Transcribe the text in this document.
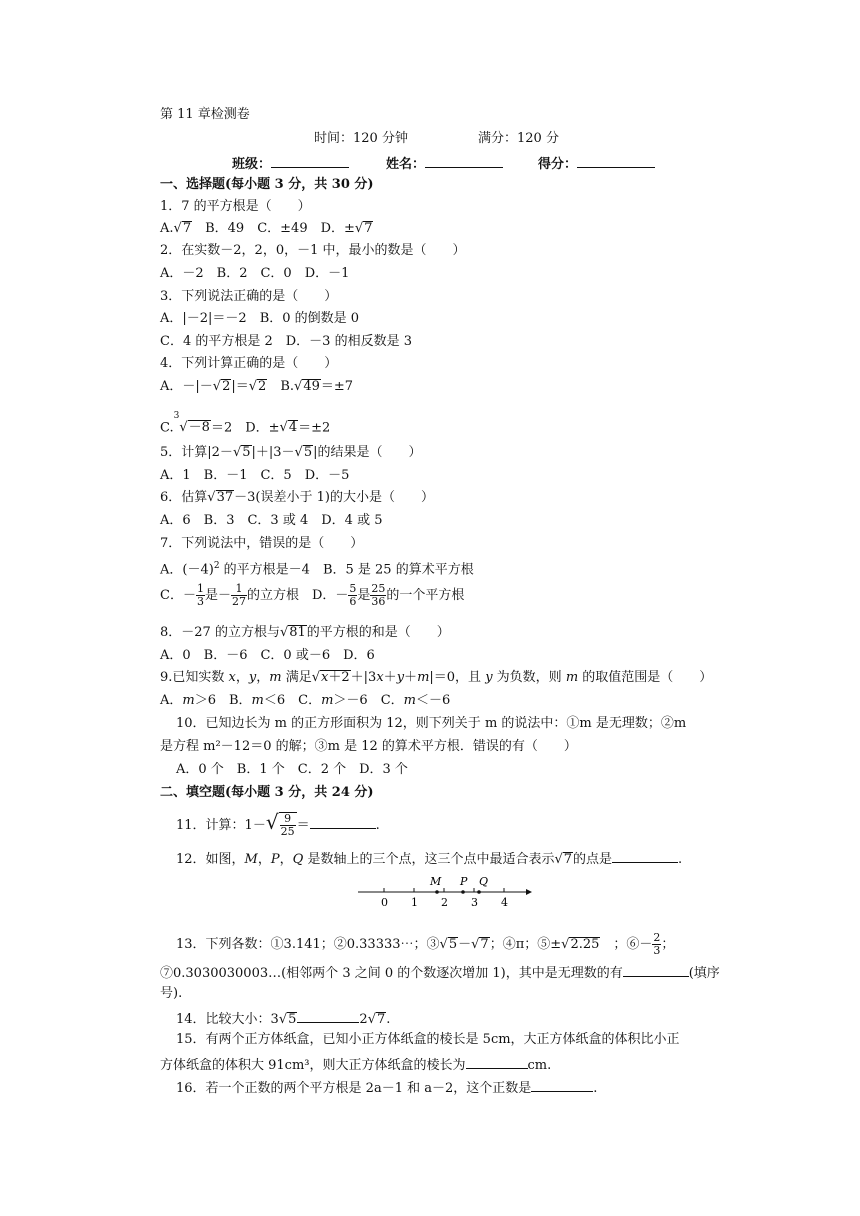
第 11 章检测卷
时间：120 分钟	满分：120 分
班级：	姓名：	得分：
一、选择题(每小题 3 分，共 30 分)
1．7 的平方根是（　　）
A.√ 7　B．49　C．±49　D．±√ 7
2．在实数－2，2，0，－1 中，最小的数是（　　）
A．－2　B．2　C．0　D．－1
3．下列说法正确的是（　　）
A．|－2|＝－2　B．0 的倒数是 0
C．4 的平方根是 2　D．－3 的相反数是 3
4．下列计算正确的是（　　）
A．－|－√ 2|＝√ 2　B.√ 49＝±7
C.$^3$√ －8＝2　D．±√ 4＝±2
5．计算|2－√ 5|＋|3－√ 5|的结果是（　　）
A．1　B．－1　C．5　D．－5
6．估算√ 37－3(误差小于 1)的大小是（　　）
A．6　B．3　C．3 或 4　D．4 或 5
7．下列说法中，错误的是（　　）
A．$(-4)^2$ 的平方根是－4　B．5 是 25 的算术平方根
C．－ $\frac{1}{3}$ 是－ $\frac{1}{27}$ 的立方根　D．－ $\frac{5}{6}$ 是 $\frac{25}{36}$ 的一个平方根
8．－27 的立方根与√ 81的平方根的和是（　　）
A．0　B．－6　C．0 或－6　D．6
9.已知实数 x，y，m 满足√ x＋2＋|3x＋y＋m|＝0，且 y 为负数，则 m 的取值范围是（　　）
A．m＞6　B．m＜6　C．m＞－6　C．m＜－6
10．已知边长为 m 的正方形面积为 12，则下列关于 m 的说法中：①m 是无理数；②m
是方程 m²－12＝0 的解；③m 是 12 的算术平方根．错误的有（　　）
A．0 个　B．1 个　C．2 个　D．3 个
二、填空题(每小题 3 分，共 24 分)
11．计算：$1-√ \frac{9}{25}$ ＝	.
12．如图，M，P，Q 是数轴上的三个点，这三个点中最适合表示√ 7的点是	.
0 1 2 3 4
M P Q
13．下列各数：①3.141；②0.33333⋯；③√ 5－√ 7；④π；⑤±√ 2.25　；⑥－ $\frac{2}{3}$ ；
⑦0.3030030003…(相邻两个 3 之间 0 的个数逐次增加 1)，其中是无理数的有	(填序
号).
14．比较大小：3√ 5	2√ 7.
15．有两个正方体纸盒，已知小正方体纸盒的棱长是 5cm，大正方体纸盒的体积比小正
方体纸盒的体积大 91cm³，则大正方体纸盒的棱长为	cm.
16．若一个正数的两个平方根是 2a－1 和 a－2，这个正数是	.
